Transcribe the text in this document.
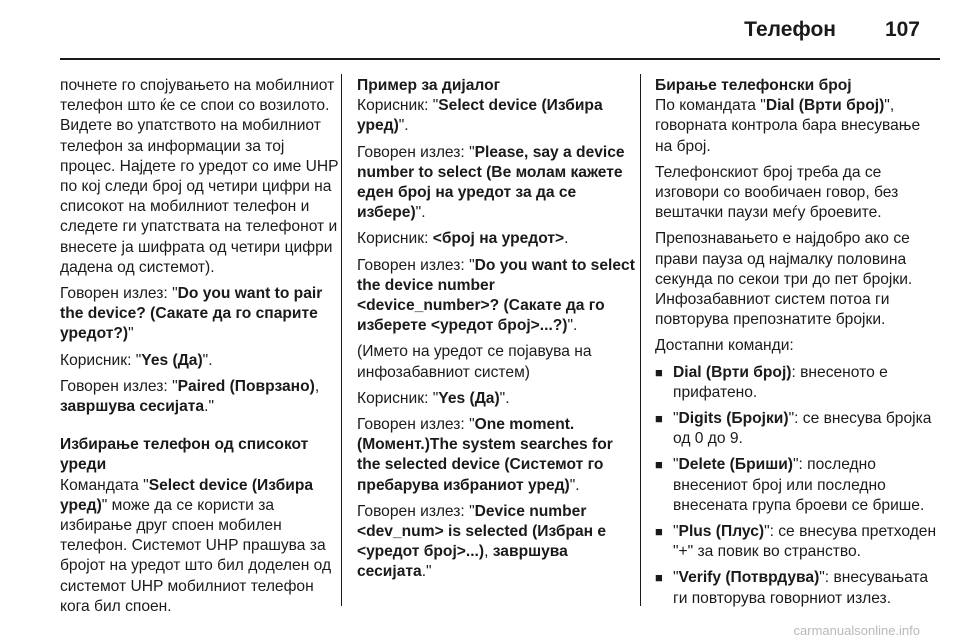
Телефон 107

почнете го спојувањето на мобилниот телефон што ќе се спои со возилото. Видете во упатството на мобилниот телефон за информации за тој процес. Најдете го уредот со име UHP по кој следи број од четири цифри на списокот на мобилниот телефон и следете ги упатствата на телефонот и внесете ја шифрата од четири цифри дадена од системот).

Говорен излез: "Do you want to pair the device? (Сакате да го спарите уредот?)"

Корисник: "Yes (Да)".

Говорен излез: "Paired (Поврзано), завршува сесијата."

Избирање телефон од списокот уреди

Командата "Select device (Избира уред)" може да се користи за избирање друг споен мобилен телефон. Системот UHP прашува за бројот на уредот што бил доделен од системот UHP мобилниот телефон кога бил споен.

Пример за дијалог

Корисник: "Select device (Избира уред)".

Говорен излез: "Please, say a device number to select (Ве молам кажете еден број на уредот за да се избере)".

Корисник: <број на уредот>.

Говорен излез: "Do you want to select the device number <device_number>? (Сакате да го изберете <уредот број>...?)".

(Името на уредот се појавува на инфозабавниот систем)

Корисник: "Yes (Да)".

Говорен излез: "One moment. (Момент.)The system searches for the selected device (Системот го пребарува избраниот уред)".

Говорен излез: "Device number <dev_num> is selected (Избран е <уредот број>...), завршува сесијата."

Бирање телефонски број

По командата "Dial (Врти број)", говорната контрола бара внесување на број.

Телефонскиот број треба да се изговори со вообичаен говор, без вештачки паузи меѓу броевите.

Препознавањето е најдобро ако се прави пауза од најмалку половина секунда по секои три до пет бројки. Инфозабавниот систем потоа ги повторува препознатите бројки.

Достапни команди:

■ Dial (Врти број): внесеното е прифатено.
■ "Digits (Бројки)": се внесува бројка од 0 до 9.
■ "Delete (Бриши)": последно внесениот број или последно внесената група броеви се брише.
■ "Plus (Плус)": се внесува претходен "+" за повик во странство.
■ "Verify (Потврдува)": внесувањата ги повторува говорниот излез.
carmanualsonline.info
